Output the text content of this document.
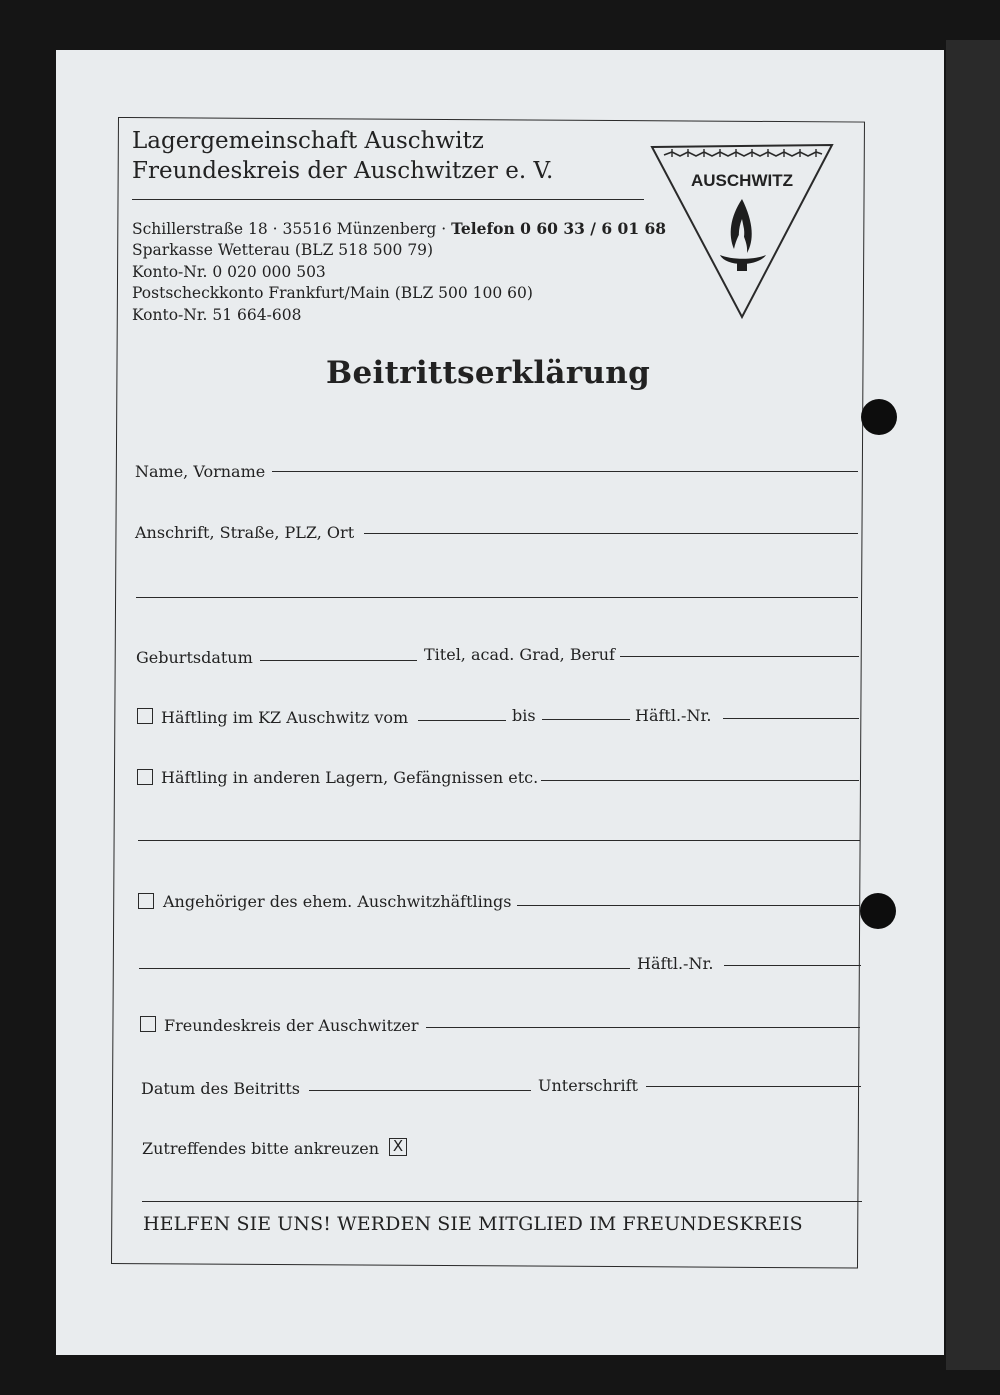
Lagergemeinschaft Auschwitz
Freundeskreis der Auschwitzer e. V.
Schillerstraße 18 · 35516 Münzenberg · Telefon 0 60 33 / 6 01 68
Sparkasse Wetterau (BLZ 518 500 79)
Konto-Nr. 0 020 000 503
Postscheckkonto Frankfurt/Main (BLZ 500 100 60)
Konto-Nr. 51 664-608
Beitrittserklärung
Name, Vorname
Anschrift, Straße, PLZ, Ort
Geburtsdatum	Titel, acad. Grad, Beruf
Häftling im KZ Auschwitz vom	bis	Häftl.-Nr.
Häftling in anderen Lagern, Gefängnissen etc.
Angehöriger des ehem. Auschwitzhäftlings
Häftl.-Nr.
Freundeskreis der Auschwitzer
Datum des Beitritts	Unterschrift
Zutreffendes bitte ankreuzen X
HELFEN SIE UNS! WERDEN SIE MITGLIED IM FREUNDESKREIS
AUSCHWITZ
